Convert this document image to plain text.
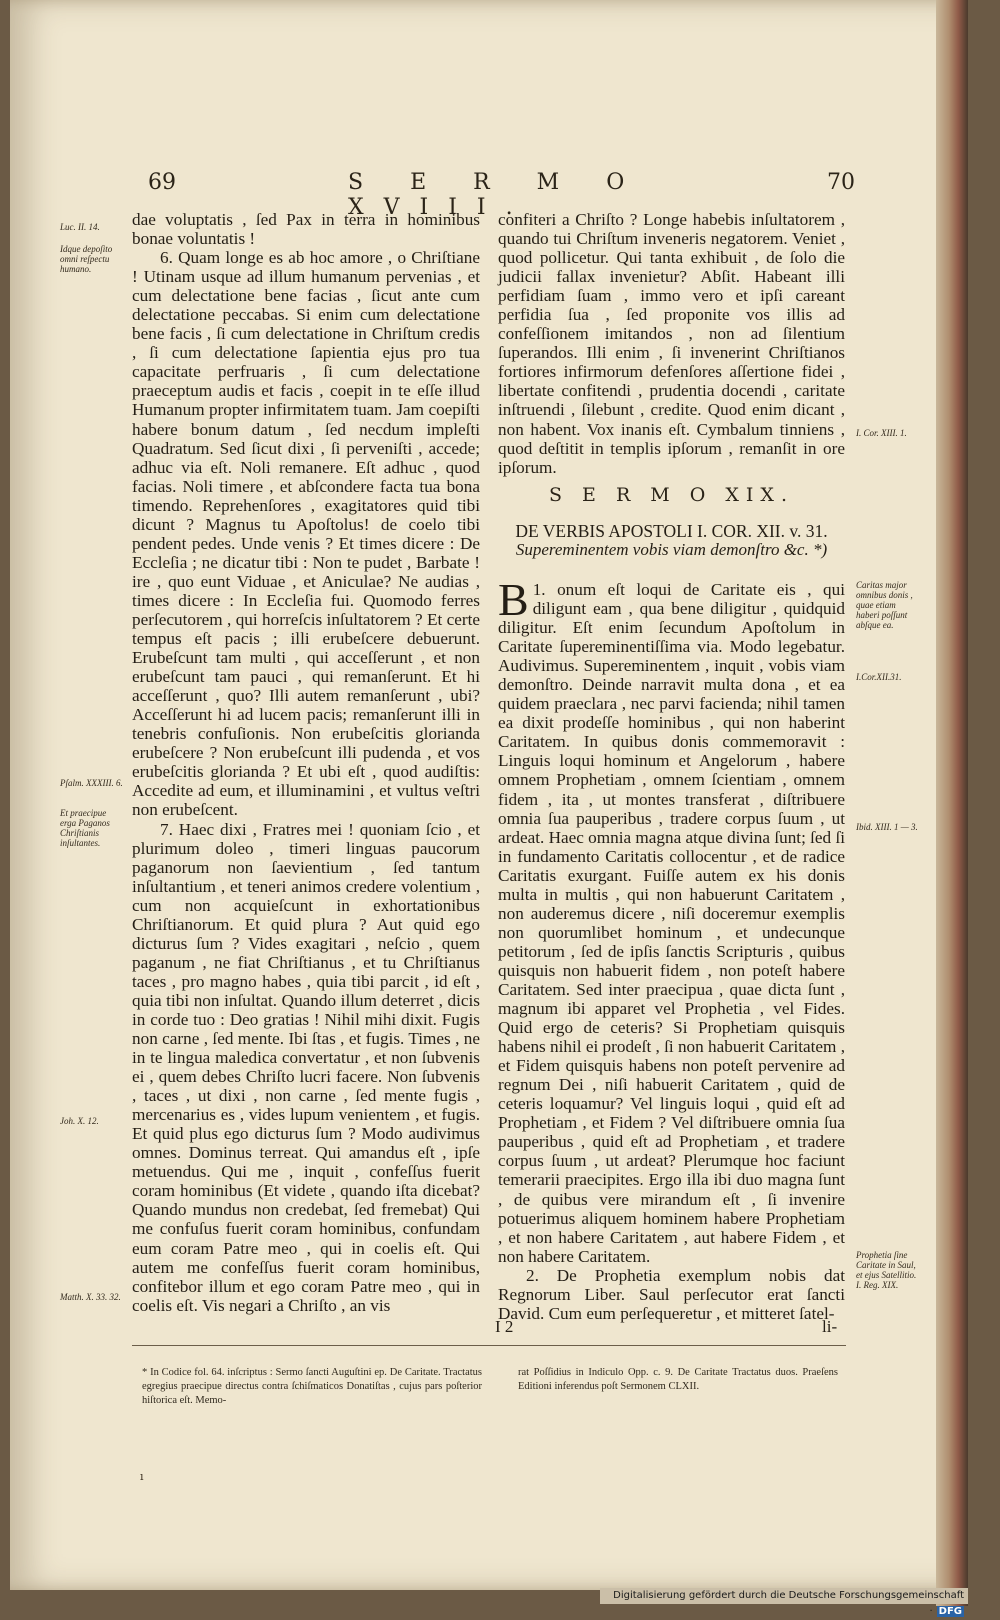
69	S E R M O XVIII.
70

dae voluptatis , ſed Pax in terra in hominibus bonae voluntatis !

6. Quam longe es ab hoc amore , o Chriſtiane ! Utinam usque ad illum humanum pervenias , et cum delectatione bene facias , ſicut ante cum delectatione peccabas. Si enim cum delectatione bene facis , ſi cum delectatione in Chriſtum credis , ſi cum delectatione ſapientia ejus pro tua capacitate perfruaris , ſi cum delectatione praeceptum audis et facis , coepit in te eſſe illud Humanum propter infirmitatem tuam. Jam coepiſti habere bonum datum , ſed necdum impleſti Quadratum. Sed ſicut dixi , ſi perveniſti , accede; adhuc via eſt. Noli remanere. Eſt adhuc , quod facias. Noli timere , et abſcondere facta tua bona timendo. Reprehenſores , exagitatores quid tibi dicunt ? Magnus tu Apoſtolus! de coelo tibi pendent pedes. Unde venis ? Et times dicere : De Eccleſia ; ne dicatur tibi : Non te pudet , Barbate ! ire , quo eunt Viduae , et Aniculae? Ne audias , times dicere : In Eccleſia fui. Quomodo ferres perſecutorem , qui horreſcis inſultatorem ? Et certe tempus eſt pacis ; illi erubeſcere debuerunt. Erubeſcunt tam multi , qui acceſſerunt , et non erubeſcunt tam pauci , qui remanſerunt. Et hi acceſſerunt , quo? Illi autem remanſerunt , ubi? Acceſſerunt hi ad lucem pacis; remanſerunt illi in tenebris confuſionis. Non erubeſcitis glorianda erubeſcere ? Non erubeſcunt illi pudenda , et vos erubeſcitis glorianda ? Et ubi eſt , quod audiſtis: Accedite ad eum, et illuminamini , et vultus veſtri non erubeſcent.

7. Haec dixi , Fratres mei ! quoniam ſcio , et plurimum doleo , timeri linguas paucorum paganorum non ſaevientium , ſed tantum inſultantium , et teneri animos credere volentium , cum non acquieſcunt in exhortationibus Chriſtianorum. Et quid plura ? Aut quid ego dicturus ſum ? Vides exagitari , neſcio , quem paganum , ne fiat Chriſtianus , et tu Chriſtianus taces , pro magno habes , quia tibi parcit , id eſt , quia tibi non inſultat. Quando illum deterret , dicis in corde tuo : Deo gratias ! Nihil mihi dixit. Fugis non carne , ſed mente. Ibi ſtas , et fugis. Times , ne in te lingua maledica convertatur , et non ſubvenis ei , quem debes Chriſto lucri facere. Non ſubvenis , taces , ut dixi , non carne , ſed mente fugis , mercenarius es , vides lupum venientem , et fugis. Et quid plus ego dicturus ſum ? Modo audivimus omnes. Dominus terreat. Qui amandus eſt , ipſe metuendus. Qui me , inquit , confeſſus fuerit coram hominibus (Et videte , quando iſta dicebat? Quando mundus non credebat, ſed fremebat) Qui me confuſus fuerit coram hominibus, confundam eum coram Patre meo , qui in coelis eſt. Qui autem me confeſſus fuerit coram hominibus, confitebor illum et ego coram Patre meo , qui in coelis eſt. Vis negari a Chriſto , an vis

Luc. II. 14.
Idque depoſito omni reſpectu humano.
Pſalm. XXXIII. 6.
Et praecipue erga Paganos Chriſtianis inſultantes.
Joh. X. 12.
Matth. X. 33. 32.

confiteri a Chriſto ? Longe habebis inſultatorem , quando tui Chriſtum inveneris negatorem. Veniet , quod pollicetur. Qui tanta exhibuit , de ſolo die judicii fallax invenietur? Abſit. Habeant illi perfidiam ſuam , immo vero et ipſi careant perfidia ſua , ſed proponite vos illis ad confeſſionem imitandos , non ad ſilentium ſuperandos. Illi enim , ſi invenerint Chriſtianos fortiores infirmorum defenſores aſſertione fidei , libertate confitendi , prudentia docendi , caritate inſtruendi , ſilebunt , credite. Quod enim dicant , non habent. Vox inanis eſt. Cymbalum tinniens , quod deſtitit in templis ipſorum , remanſit in ore ipſorum.

S E R M O XIX.
DE VERBIS APOSTOLI I. COR. XII. v. 31.
Supereminentem vobis viam demonſtro &c. *)

1.
B onum eſt loqui de Caritate eis , qui diligunt eam , qua bene diligitur , quidquid diligitur. Eſt enim ſecundum Apoſtolum in Caritate ſupereminentiſſima via. Modo legebatur. Audivimus. Supereminentem , inquit , vobis viam demonſtro. Deinde narravit multa dona , et ea quidem praeclara , nec parvi facienda; nihil tamen ea dixit prodeſſe hominibus , qui non haberint Caritatem. In quibus donis commemoravit : Linguis loqui hominum et Angelorum , habere omnem Prophetiam , omnem ſcientiam , omnem fidem , ita , ut montes transferat , diſtribuere omnia ſua pauperibus , tradere corpus ſuum , ut ardeat. Haec omnia magna atque divina ſunt; ſed ſi in fundamento Caritatis collocentur , et de radice Caritatis exurgant. Fuiſſe autem ex his donis multa in multis , qui non habuerunt Caritatem , non auderemus dicere , niſi doceremur exemplis non quorumlibet hominum , et undecunque petitorum , ſed de ipſis ſanctis Scripturis , quibus quisquis non habuerit fidem , non poteſt habere Caritatem. Sed inter praecipua , quae dicta ſunt , magnum ibi apparet vel Prophetia , vel Fides. Quid ergo de ceteris? Si Prophetiam quisquis habens nihil ei prodeſt , ſi non habuerit Caritatem , et Fidem quisquis habens non poteſt pervenire ad regnum Dei , niſi habuerit Caritatem , quid de ceteris loquamur? Vel linguis loqui , quid eſt ad Prophetiam , et Fidem ? Vel diſtribuere omnia ſua pauperibus , quid eſt ad Prophetiam , et tradere corpus ſuum , ut ardeat? Plerumque hoc faciunt temerarii praecipites. Ergo illa ibi duo magna ſunt , de quibus vere mirandum eſt , ſi invenire potuerimus aliquem hominem habere Prophetiam , et non habere Caritatem , aut habere Fidem , et non habere Caritatem.

2. De Prophetia exemplum nobis dat Regnorum Liber. Saul perſecutor erat ſancti David. Cum eum perſequeretur , et mitteret ſatel-

I. Cor. XIII. 1.
Caritas major omnibus donis , quae etiam haberi poſſunt abſque ea.
I.Cor.XII.31.
Ibid. XIII. 1 — 3.
Prophetia ſine Caritate in Saul, et ejus Satellitio. I. Reg. XIX.
I 2	li-
* In Codice fol. 64. inſcriptus : Sermo ſancti Auguſtini ep. De Caritate. Tractatus egregius praecipue directus contra ſchiſmaticos Donatiſtas , cujus pars poſterior hiſtorica eſt. Memo-
rat Poſſidius in Indiculo Opp. c. 9. De Caritate Tractatus duos. Praeſens Editioni inferendus poſt Sermonem CLXII.
ı
Digitalisierung gefördert durch die Deutsche Forschungsgemeinschaft · DFG
